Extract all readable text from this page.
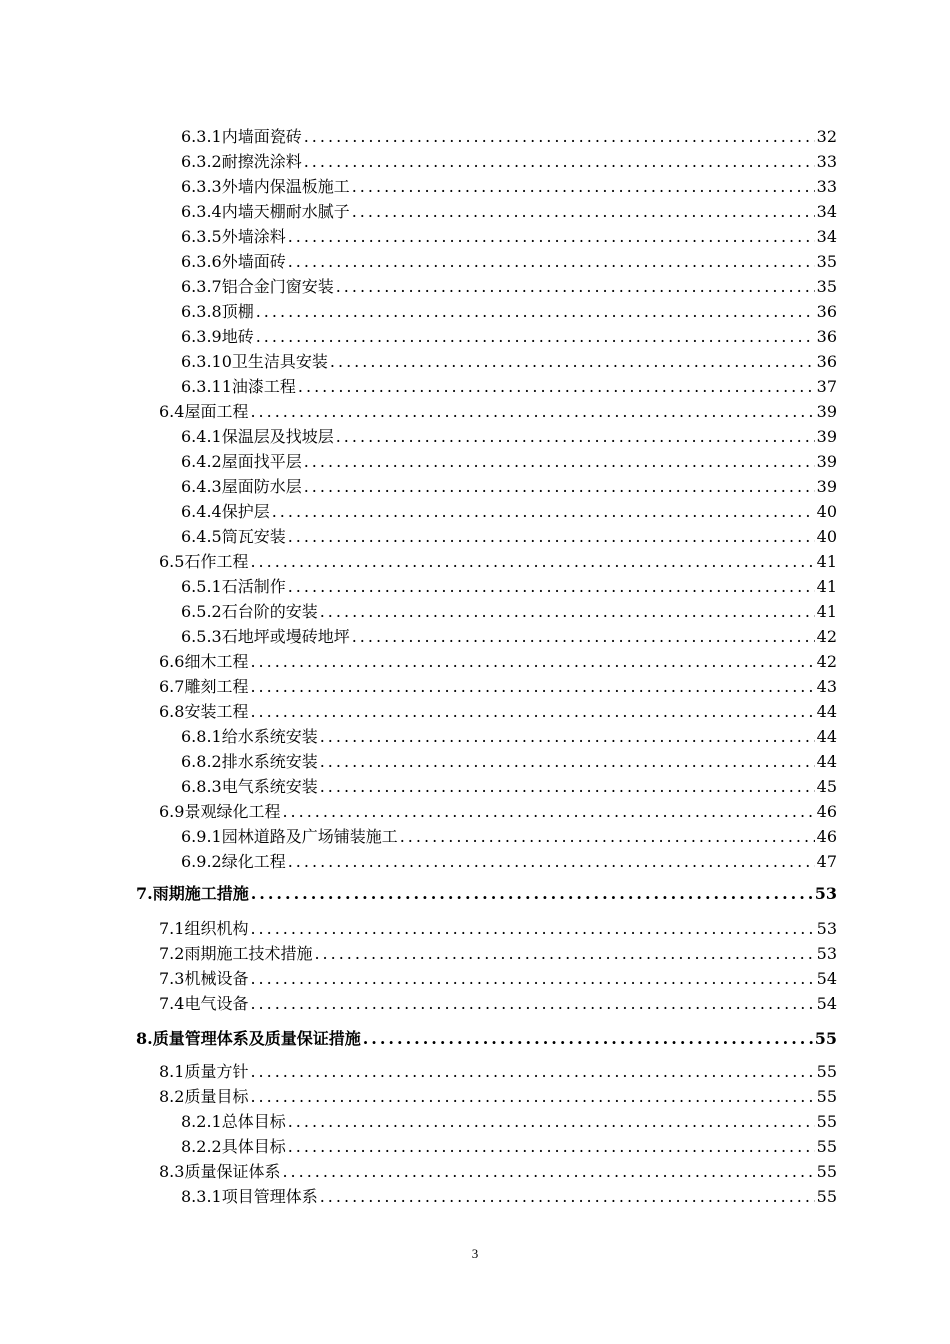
6.3.1内墙面瓷砖 .....	32
6.3.2耐擦洗涂料 .....	33
6.3.3外墙内保温板施工 .....	33
6.3.4内墙天棚耐水腻子 .....	34
6.3.5外墙涂料 .....	34
6.3.6外墙面砖 .....	35
6.3.7铝合金门窗安装 .....	35
6.3.8顶棚 .....	36
6.3.9地砖 .....	36
6.3.10卫生洁具安装 .....	36
6.3.11油漆工程 .....	37
6.4屋面工程 .....	39
6.4.1保温层及找坡层 .....	39
6.4.2屋面找平层 .....	39
6.4.3屋面防水层 .....	39
6.4.4保护层 .....	40
6.4.5筒瓦安装 .....	40
6.5石作工程 .....	41
6.5.1石活制作 .....	41
6.5.2石台阶的安装 .....	41
6.5.3石地坪或墁砖地坪 .....	42
6.6细木工程 .....	42
6.7雕刻工程 .....	43
6.8安装工程 .....	44
6.8.1给水系统安装 .....	44
6.8.2排水系统安装 .....	44
6.8.3电气系统安装 .....	45
6.9景观绿化工程 .....	46
6.9.1园林道路及广场铺装施工 .....	46
6.9.2绿化工程 .....	47
7.雨期施工措施 .....	53
7.1组织机构 .....	53
7.2雨期施工技术措施 .....	53
7.3机械设备 .....	54
7.4电气设备 .....	54
8.质量管理体系及质量保证措施 .....	55
8.1质量方针 .....	55
8.2质量目标 .....	55
8.2.1总体目标 .....	55
8.2.2具体目标 .....	55
8.3质量保证体系 .....	55
8.3.1项目管理体系 .....	55
3
